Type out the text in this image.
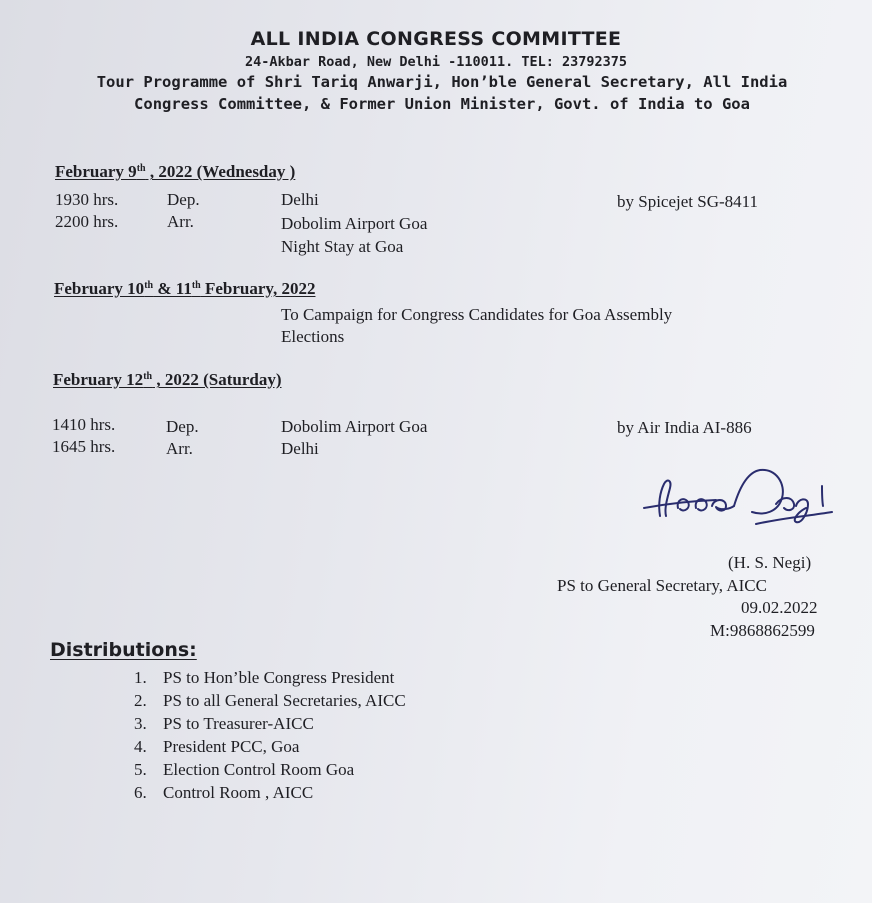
ALL INDIA CONGRESS COMMITTEE
24-Akbar Road, New Delhi -110011. TEL: 23792375
Tour Programme of Shri Tariq Anwarji, Hon’ble General Secretary, All India Congress Committee, & Former Union Minister, Govt. of India to Goa
February 9th , 2022 (Wednesday )
1930 hrs.	Dep.	Delhi	by Spicejet SG-8411
2200 hrs.	Arr.	Dobolim Airport Goa
Night Stay at Goa
February 10th & 11th February, 2022
To Campaign for Congress Candidates for Goa Assembly
Elections
February 12th , 2022 (Saturday)
1410 hrs.	Dep.	Dobolim Airport Goa	by Air India AI-886
1645 hrs.	Arr.	Delhi
(H. S. Negi)
PS to General Secretary, AICC
09.02.2022
M:9868862599
Distributions:
1. PS to Hon’ble Congress President
2. PS to all General Secretaries, AICC
3. PS to Treasurer-AICC
4. President PCC, Goa
5. Election Control Room Goa
6. Control Room , AICC
